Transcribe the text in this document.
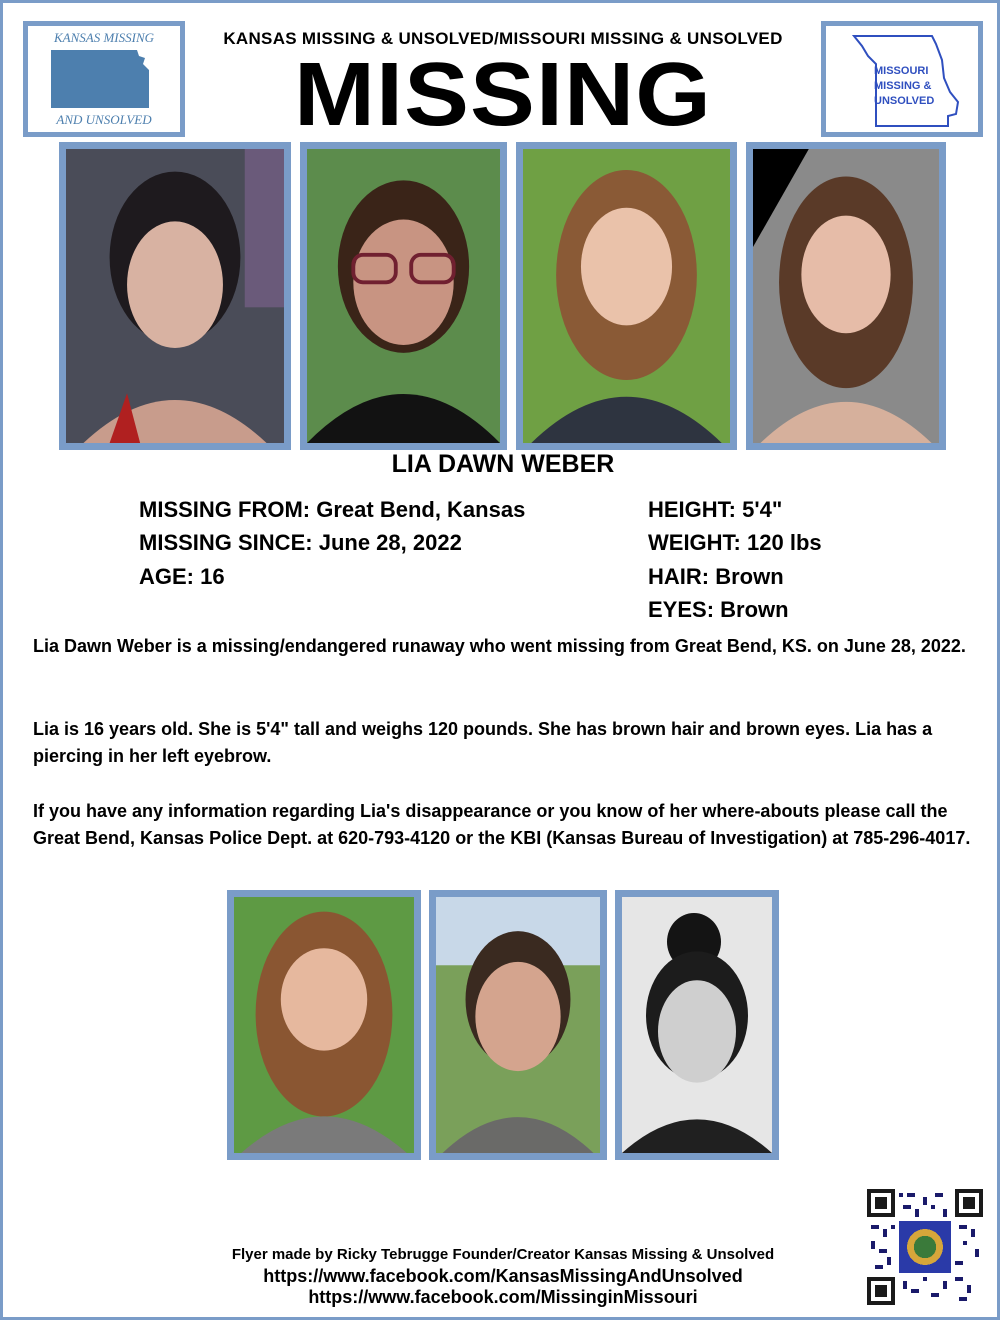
KANSAS MISSING
AND UNSOLVED
KANSAS MISSING & UNSOLVED/MISSOURI MISSING & UNSOLVED
MISSING	MISSOURI
MISSING &
UNSOLVED
LIA DAWN WEBER
MISSING FROM: Great Bend, Kansas
MISSING SINCE: June 28, 2022
AGE: 16
HEIGHT: 5'4"
WEIGHT: 120 lbs
HAIR: Brown
EYES: Brown

Lia Dawn Weber is a missing/endangered runaway who went missing from Great Bend, KS. on June 28, 2022.

Lia is 16 years old. She is 5'4" tall and weighs 120 pounds. She has brown hair and brown eyes. Lia has a piercing in her left eyebrow.

If you have any information regarding Lia's disappearance or you know of her where-abouts please call the Great Bend, Kansas Police Dept. at 620-793-4120 or the KBI (Kansas Bureau of Investigation) at 785-296-4017.

Flyer made by Ricky Tebrugge Founder/Creator Kansas Missing & Unsolved
https://www.facebook.com/KansasMissingAndUnsolved
https://www.facebook.com/MissinginMissouri
